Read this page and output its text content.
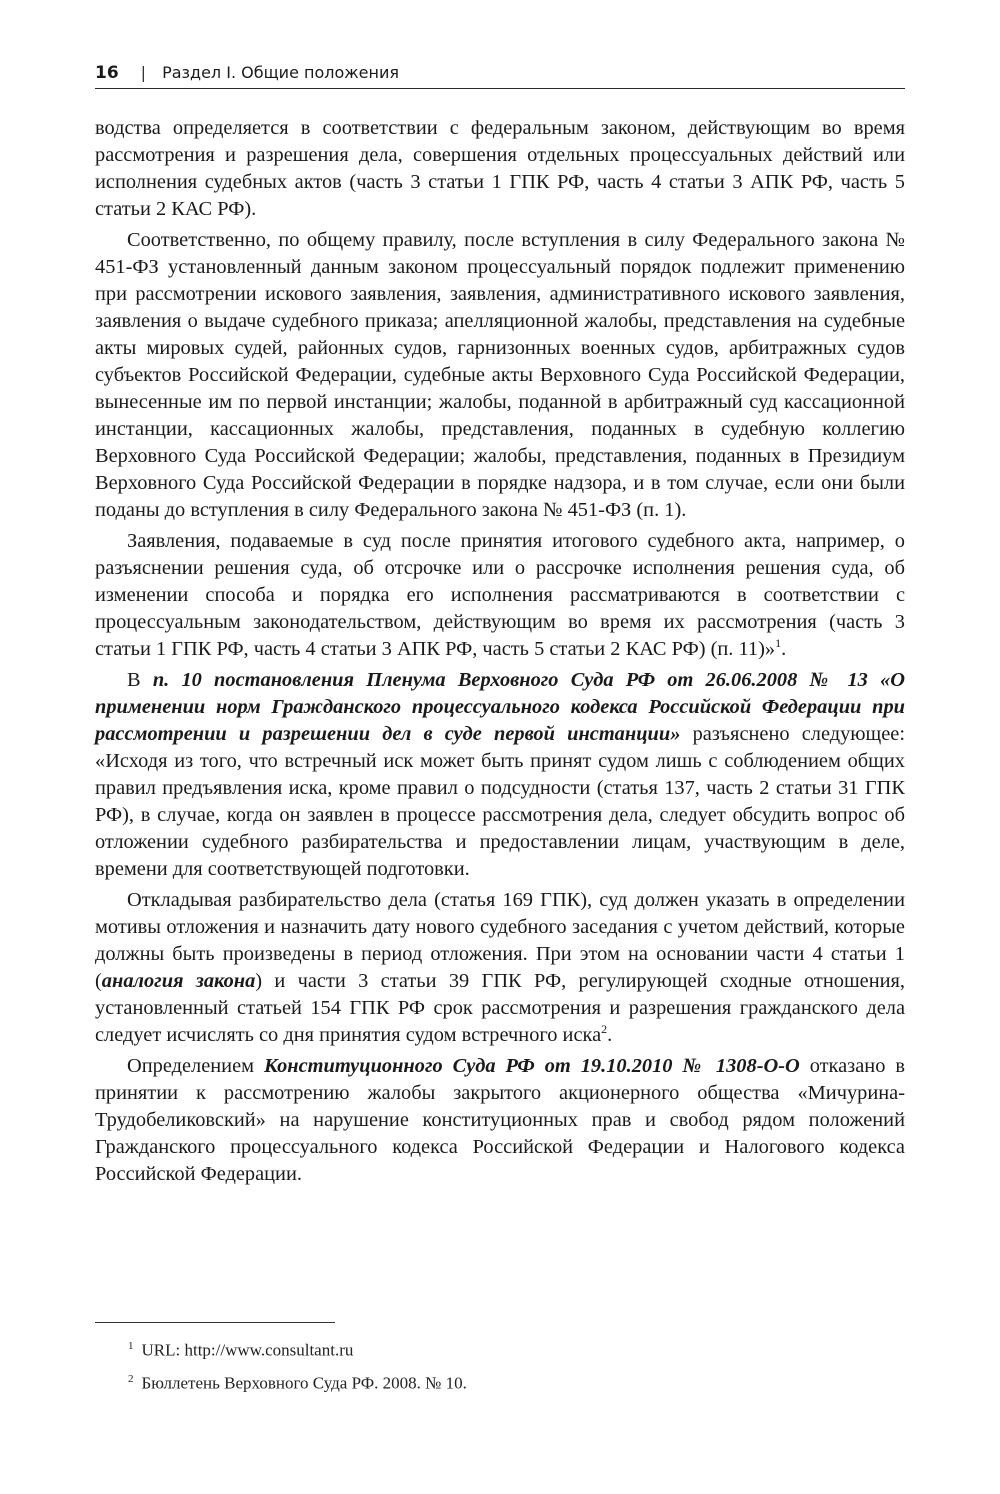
16 | Раздел I. Общие положения

водства определяется в соответствии с федеральным законом, действующим во время рассмотрения и разрешения дела, совершения отдельных процессуальных действий или исполнения судебных актов (часть 3 статьи 1 ГПК РФ, часть 4 статьи 3 АПК РФ, часть 5 статьи 2 КАС РФ).

Соответственно, по общему правилу, после вступления в силу Федерального закона № 451-ФЗ установленный данным законом процессуальный порядок подлежит применению при рассмотрении искового заявления, заявления, административного искового заявления, заявления о выдаче судебного приказа; апелляционной жалобы, представления на судебные акты мировых судей, районных судов, гарнизонных военных судов, арбитражных судов субъектов Российской Федерации, судебные акты Верховного Суда Российской Федерации, вынесенные им по первой инстанции; жалобы, поданной в арбитражный суд кассационной инстанции, кассационных жалобы, представления, поданных в судебную коллегию Верховного Суда Российской Федерации; жалобы, представления, поданных в Президиум Верховного Суда Российской Федерации в порядке надзора, и в том случае, если они были поданы до вступления в силу Федерального закона № 451-ФЗ (п. 1).

Заявления, подаваемые в суд после принятия итогового судебного акта, например, о разъяснении решения суда, об отсрочке или о рассрочке исполнения решения суда, об изменении способа и порядка его исполнения рассматриваются в соответствии с процессуальным законодательством, действующим во время их рассмотрения (часть 3 статьи 1 ГПК РФ, часть 4 статьи 3 АПК РФ, часть 5 статьи 2 КАС РФ) (п. 11)»$^1$.

В п. 10 постановления Пленума Верховного Суда РФ от 26.06.2008 № 13 «О применении норм Гражданского процессуального кодекса Российской Федерации при рассмотрении и разрешении дел в суде первой инстанции» разъяснено следующее: «Исходя из того, что встречный иск может быть принят судом лишь с соблюдением общих правил предъявления иска, кроме правил о подсудности (статья 137, часть 2 статьи 31 ГПК РФ), в случае, когда он заявлен в процессе рассмотрения дела, следует обсудить вопрос об отложении судебного разбирательства и предоставлении лицам, участвующим в деле, времени для соответствующей подготовки.

Откладывая разбирательство дела (статья 169 ГПК), суд должен указать в определении мотивы отложения и назначить дату нового судебного заседания с учетом действий, которые должны быть произведены в период отложения. При этом на основании части 4 статьи 1 (аналогия закона) и части 3 статьи 39 ГПК РФ, регулирующей сходные отношения, установленный статьей 154 ГПК РФ срок рассмотрения и разрешения гражданского дела следует исчислять со дня принятия судом встречного иска$^2$.

Определением Конституционного Суда РФ от 19.10.2010 № 1308-О-О отказано в принятии к рассмотрению жалобы закрытого акционерного общества «Мичурина-Трудобеликовский» на нарушение конституционных прав и свобод рядом положений Гражданского процессуального кодекса Российской Федерации и Налогового кодекса Российской Федерации.

$^1$ URL: http://www.consultant.ru
$^2$ Бюллетень Верховного Суда РФ. 2008. № 10.
